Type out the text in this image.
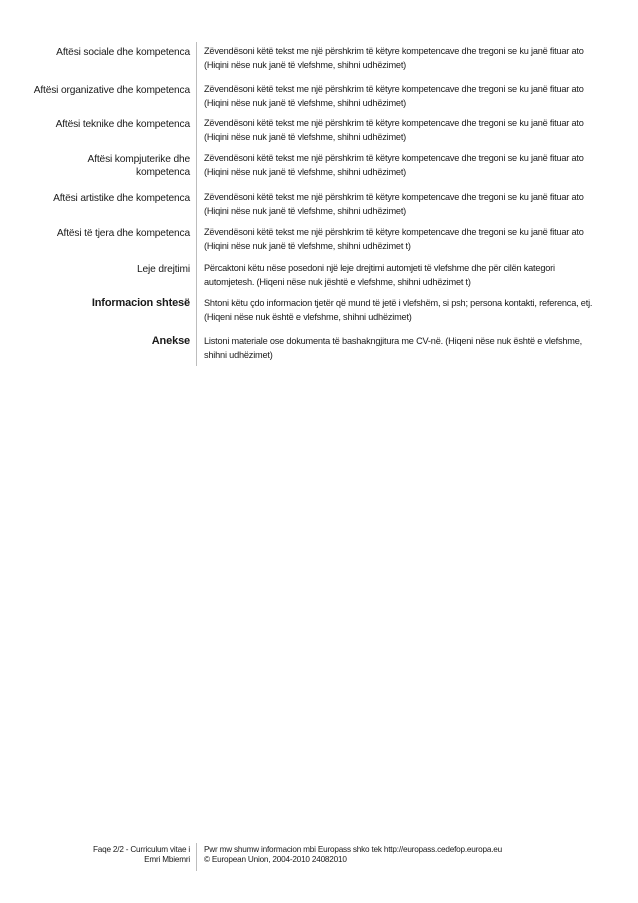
Aftësi sociale dhe kompetenca Zëvendësoni këtë tekst me një përshkrim të këtyre kompetencave dhe tregoni se ku janë fituar ato
(Hiqini nëse nuk janë të vlefshme, shihni udhëzimet)
Aftësi organizative dhe kompetenca Zëvendësoni këtë tekst me një përshkrim të këtyre kompetencave dhe tregoni se ku janë fituar ato
(Hiqini nëse nuk janë të vlefshme, shihni udhëzimet)
Aftësi teknike dhe kompetenca Zëvendësoni këtë tekst me një përshkrim të këtyre kompetencave dhe tregoni se ku janë fituar ato
(Hiqini nëse nuk janë të vlefshme, shihni udhëzimet)
Aftësi kompjuterike dhe
kompetenca
Zëvendësoni këtë tekst me një përshkrim të këtyre kompetencave dhe tregoni se ku janë fituar ato
(Hiqini nëse nuk janë të vlefshme, shihni udhëzimet)
Aftësi artistike dhe kompetenca Zëvendësoni këtë tekst me një përshkrim të këtyre kompetencave dhe tregoni se ku janë fituar ato
(Hiqini nëse nuk janë të vlefshme, shihni udhëzimet)
Aftësi të tjera dhe kompetenca Zëvendësoni këtë tekst me një përshkrim të këtyre kompetencave dhe tregoni se ku janë fituar ato
(Hiqini nëse nuk janë të vlefshme, shihni udhëzimet t)
Leje drejtimi Përcaktoni këtu nëse posedoni një leje drejtimi automjeti të vlefshme dhe për cilën kategori
automjetesh. (Hiqeni nëse nuk jështë e vlefshme, shihni udhëzimet t)
Informacion shtesë Shtoni këtu çdo informacion tjetër që mund të jetë i vlefshëm, si psh; persona kontakti, referenca, etj.
(Hiqeni nëse nuk është e vlefshme, shihni udhëzimet)
Anekse Listoni materiale ose dokumenta të bashakngjitura me CV-në. (Hiqeni nëse nuk është e vlefshme,
shihni udhëzimet)
Faqe 2/2 - Curriculum vitae i
Emri Mbiemri
Pwr mw shumw informacion mbi Europass shko tek http://europass.cedefop.europa.eu
© European Union, 2004-2010 24082010
